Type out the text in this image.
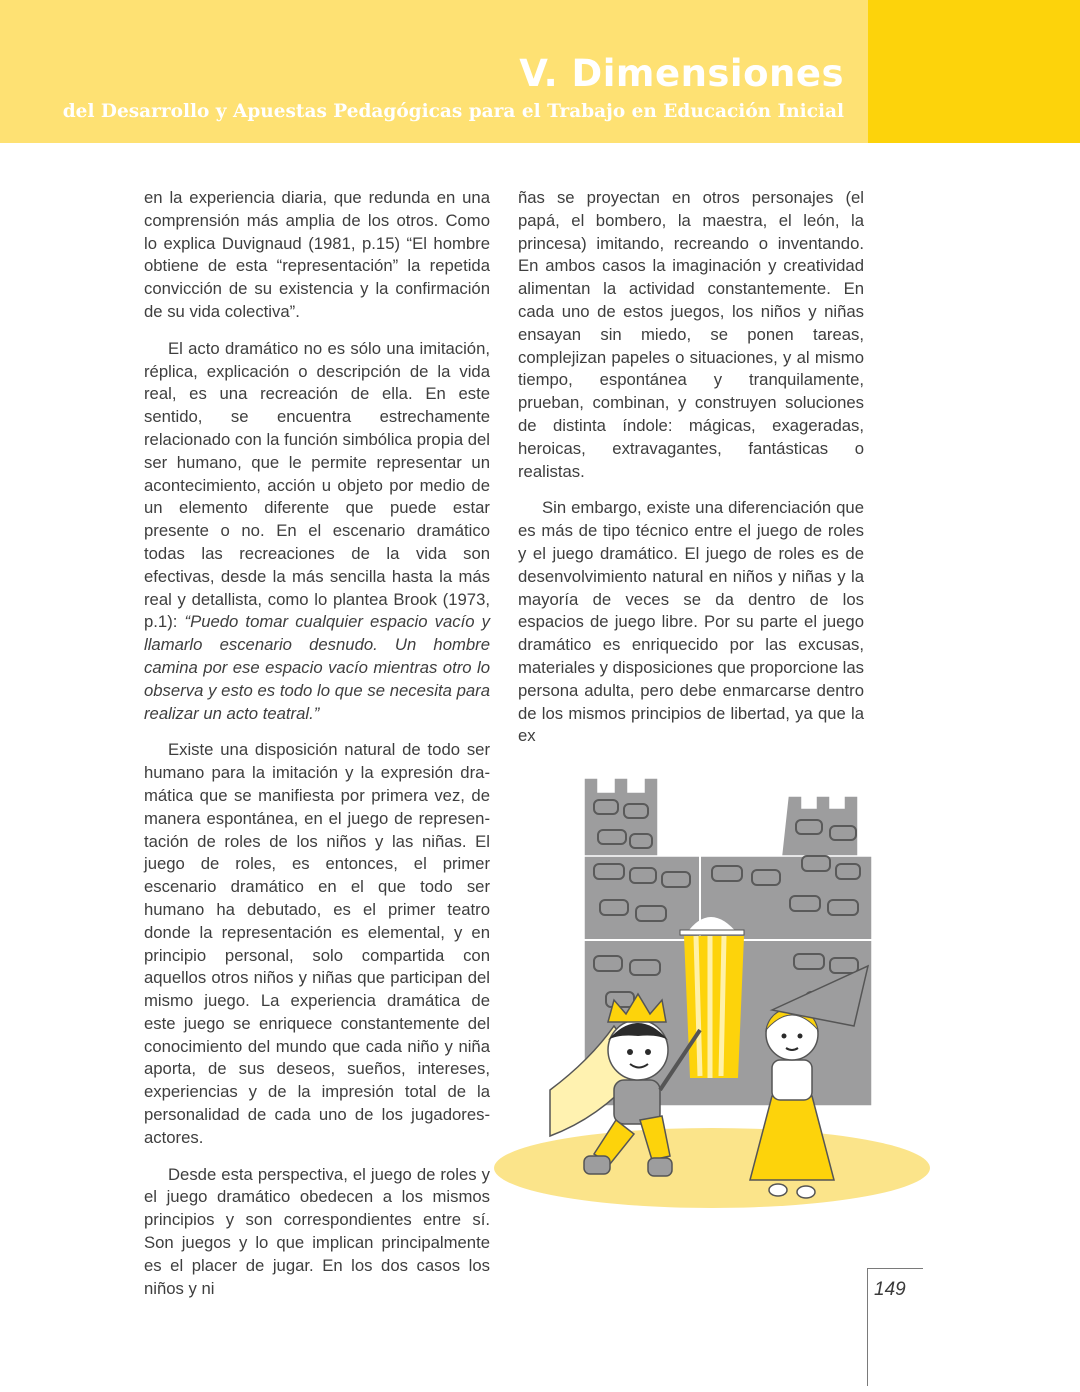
V. Dimensiones

del Desarrollo y Apuestas Pedagógicas para el Trabajo en Educación Inicial

en la experiencia diaria, que redunda en una comprensión más amplia de los otros. Como lo explica Duvignaud (1981, p.15) “El hombre obtiene de esta “representación” la repetida convicción de su existencia y la confirmación de su vida colectiva”.

El acto dramático no es sólo una imitación, réplica, explicación o descripción de la vida real, es una recreación de ella. En este sentido, se encuentra estrechamente relacionado con la función simbólica propia del ser humano, que le permite representar un acontecimiento, acción u objeto por medio de un elemento diferente que puede estar presente o no. En el escenario dramático todas las recreaciones de la vida son efectivas, desde la más sencilla hasta la más real y detallista, como lo plantea Brook (1973, p.1): “Puedo tomar cualquier espacio vacío y llamarlo escenario desnudo. Un hombre camina por ese espacio vacío mientras otro lo observa y esto es todo lo que se necesita para realizar un acto teatral.”

Existe una disposición natural de todo ser humano para la imitación y la expresión dramática que se manifiesta por primera vez, de manera espontánea, en el juego de representación de roles de los niños y las niñas. El juego de roles, es entonces, el primer escenario dramático en el que todo ser humano ha debutado, es el primer teatro donde la representación es elemental, y en principio personal, solo compartida con aquellos otros niños y niñas que participan del mismo juego. La experiencia dramática de este juego se enriquece constantemente del conocimiento del mundo que cada niño y niña aporta, de sus deseos, sueños, intereses, experiencias y de la impresión total de la personalidad de cada uno de los jugadores-actores.

Desde esta perspectiva, el juego de roles y el juego dramático obedecen a los mismos principios y son correspondientes entre sí. Son juegos y lo que implican principalmente es el placer de jugar. En los dos casos los niños y ni

ñas se proyectan en otros personajes (el papá, el bombero, la maestra, el león, la princesa) imitando, recreando o inventando. En ambos casos la imaginación y creatividad alimentan la actividad constantemente. En cada uno de estos juegos, los niños y niñas ensayan sin miedo, se ponen tareas, complejizan papeles o situaciones, y al mismo tiempo, espontánea y tranquilamente, prueban, combinan, y construyen soluciones de distinta índole: mágicas, exageradas, heroicas, extravagantes, fantásticas o realistas.

Sin embargo, existe una diferenciación que es más de tipo técnico entre el juego de roles y el juego dramático. El juego de roles es de desenvolvimiento natural en niños y niñas y la mayoría de veces se da dentro de los espacios de juego libre. Por su parte el juego dramático es enriquecido por las excusas, materiales y disposiciones que proporcione las persona adulta, pero debe enmarcarse dentro de los mismos principios de libertad, ya que la ex

149
